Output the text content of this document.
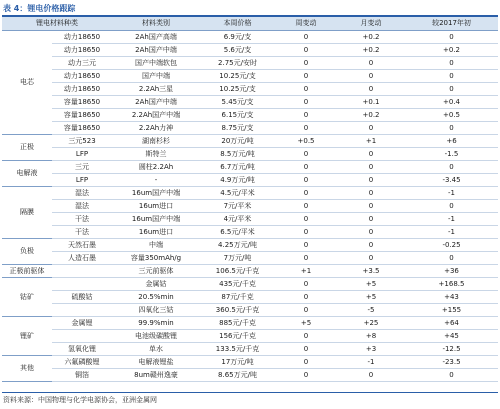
表 4：锂电价格跟踪
锂电材料种类		材料类别	本周价格	周变动	月变动	较2017年初
电芯	动力18650	2Ah国产高端	6.9元/支	0	+0.2	0
	动力18650	2Ah国产中端	5.6元/支	0	+0.2	+0.2
	动力三元	国产中端软包	2.75元/安时	0	0	0
	动力18650	国产中端	10.25元/支	0	0	0
	动力18650	2.2Ah三星	10.25元/支	0	0	0
	容量18650	2Ah国产中端	5.45元/支	0	+0.1	+0.4
	容量18650	2.2Ah国产中端	6.15元/支	0	+0.2	+0.5
	容量18650	2.2Ah力神	8.75元/支	0	0	0
正极	三元523	湖南杉杉	20万元/吨	+0.5	+1	+6
	LFP	斯特兰	8.5万元/吨	0	0	-1.5
电解液	三元	圆柱2.2Ah	6.7万元/吨	0	0	0
	LFP	-	4.9万元/吨	0	0	-3.45
隔膜	湿法	16um国产中端	4.5元/平米	0	0	-1
	湿法	16um进口	7元/平米	0	0	0
	干法	16um国产中端	4元/平米	0	0	-1
	干法	16um进口	6.5元/平米	0	0	-1
负极	天然石墨	中端	4.25万元/吨	0	0	-0.25
	人造石墨	容量350mAh/g	7万元/吨	0	0	0
正极前驱体		三元前驱体	106.5元/千克	+1	+3.5	+36
钴矿		金属钴	435元/千克	0	+5	+168.5
	硫酸钴	20.5%min	87元/千克	0	+5	+43
		四氧化三钴	360.5元/千克	0	-5	+155
锂矿	金属锂	99.9%min	885元/千克	+5	+25	+64
		电池级碳酸锂	156元/千克	0	+8	+45
	氢氧化锂	单水	133.5元/千克	0	+3	-12.5
其他	六氟磷酸锂	电解液锂盐	17万元/吨	0	-1	-23.5
	铜箔	8um赣州逸豪	8.65万元/吨	0	0	0
资料来源：中国物理与化学电源协会，亚洲金属网
